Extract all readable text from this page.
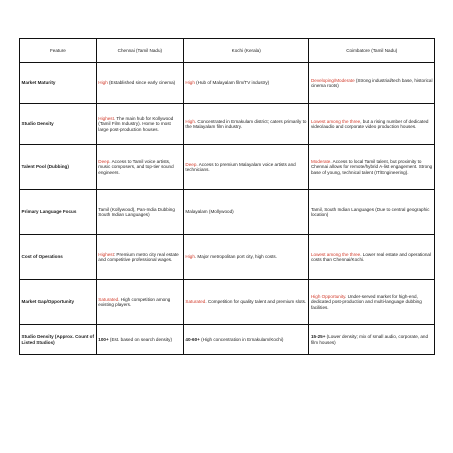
Feature	Chennai (Tamil Nadu)	Kochi (Kerala)	Coimbatore (Tamil Nadu)
Market Maturity	High (Established since early cinema)	High (Hub of Malayalam film/TV industry)	Developing/Moderate (Strong industrial/tech base, historical cinema roots)
Studio Density	Highest. The main hub for Kollywood (Tamil Film Industry). Home to most large post-production houses.	High. Concentrated in Ernakulam district; caters primarily to the Malayalam film industry.	Lowest among the three, but a rising number of dedicated video/audio and corporate video production houses.
Talent Pool (Dubbing)	Deep. Access to Tamil voice artists, music composers, and top-tier sound engineers.	Deep. Access to premium Malayalam voice artists and technicians.	Moderate. Access to local Tamil talent, but proximity to Chennai allows for remote/hybrid A-list engagement. Strong base of young, technical talent (IT/Engineering).
Primary Language Focus	Tamil (Kollywood), Pan-India Dubbing South Indian Languages)	Malayalam (Mollywood)	Tamil, South Indian Languages (Due to central geographic location)
Cost of Operations	Highest: Premium metro city real estate and competitive professional wages.	High. Major metropolitan port city, high costs.	Lowest among the three. Lower real estate and operational costs than Chennai/Kochi.
Market Gap/Opportunity	Saturated. High competition among existing players.	Saturated. Competition for quality talent and premium slots.	High Opportunity. Under-served market for high-end, dedicated post-production and multi-language dubbing facilities.
Studio Density (Approx. Count of Listed Studios)	100+ (Est. based on search density)	40-60+ (High concentration in Ernakulam/Kochi)	15-25+ (Lower density; mix of small audio, corporate, and film houses)
